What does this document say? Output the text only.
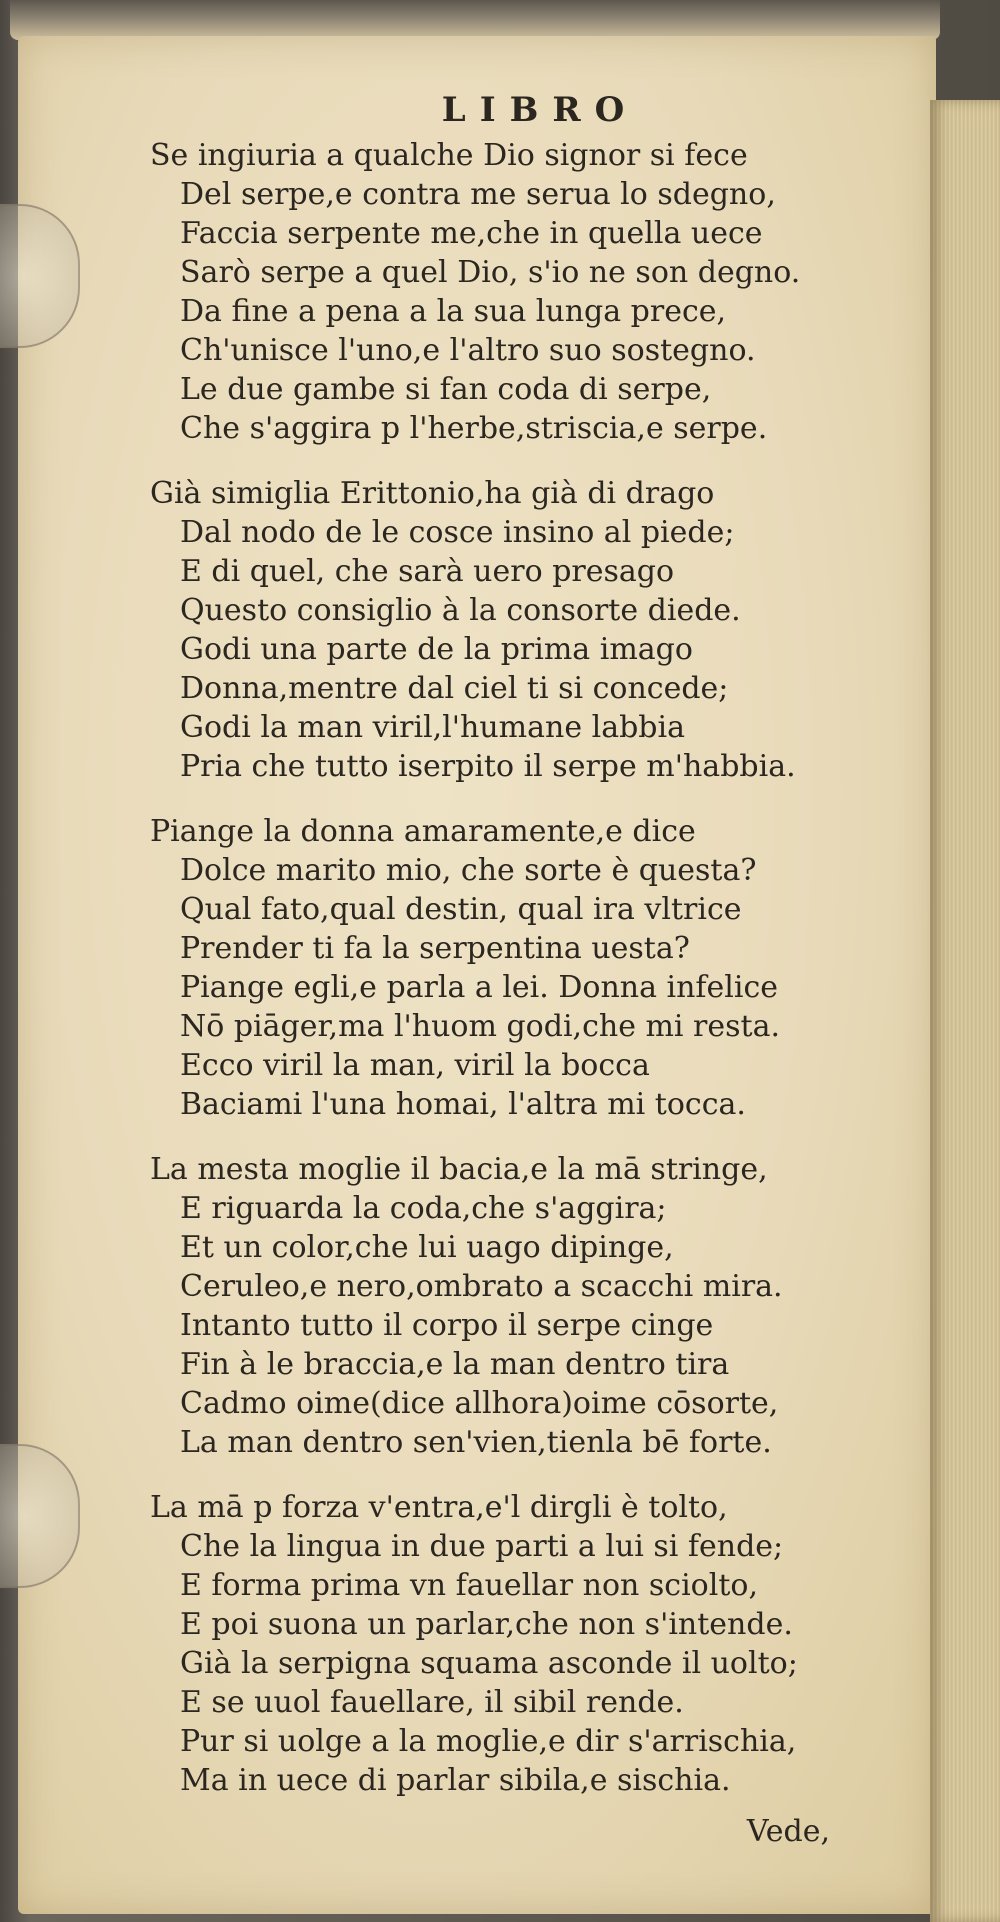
LIBRO
Se ingiuria a qualche Dio signor si fece
Del serpe,e contra me serua lo sdegno,
Faccia serpente me,che in quella uece
Sarò serpe a quel Dio, s'io ne son degno.
Da fine a pena a la sua lunga prece,
Ch'unisce l'uno,e l'altro suo sostegno.
Le due gambe si fan coda di serpe,
Che s'aggira p l'herbe,striscia,e serpe.
Già simiglia Erittonio,ha già di drago
Dal nodo de le cosce insino al piede;
E di quel, che sarà uero presago
Questo consiglio à la consorte diede.
Godi una parte de la prima imago
Donna,mentre dal ciel ti si concede;
Godi la man viril,l'humane labbia
Pria che tutto iserpito il serpe m'habbia.
Piange la donna amaramente,e dice
Dolce marito mio, che sorte è questa?
Qual fato,qual destin, qual ira vltrice
Prender ti fa la serpentina uesta?
Piange egli,e parla a lei. Donna infelice
Nō piāger,ma l'huom godi,che mi resta.
Ecco viril la man, viril la bocca
Baciami l'una homai, l'altra mi tocca.
La mesta moglie il bacia,e la mā stringe,
E riguarda la coda,che s'aggira;
Et un color,che lui uago dipinge,
Ceruleo,e nero,ombrato a scacchi mira.
Intanto tutto il corpo il serpe cinge
Fin à le braccia,e la man dentro tira
Cadmo oime(dice allhora)oime cōsorte,
La man dentro sen'vien,tienla bē forte.
La mā p forza v'entra,e'l dirgli è tolto,
Che la lingua in due parti a lui si fende;
E forma prima vn fauellar non sciolto,
E poi suona un parlar,che non s'intende.
Già la serpigna squama asconde il uolto;
E se uuol fauellare, il sibil rende.
Pur si uolge a la moglie,e dir s'arrischia,
Ma in uece di parlar sibila,e sischia.
Vede,
